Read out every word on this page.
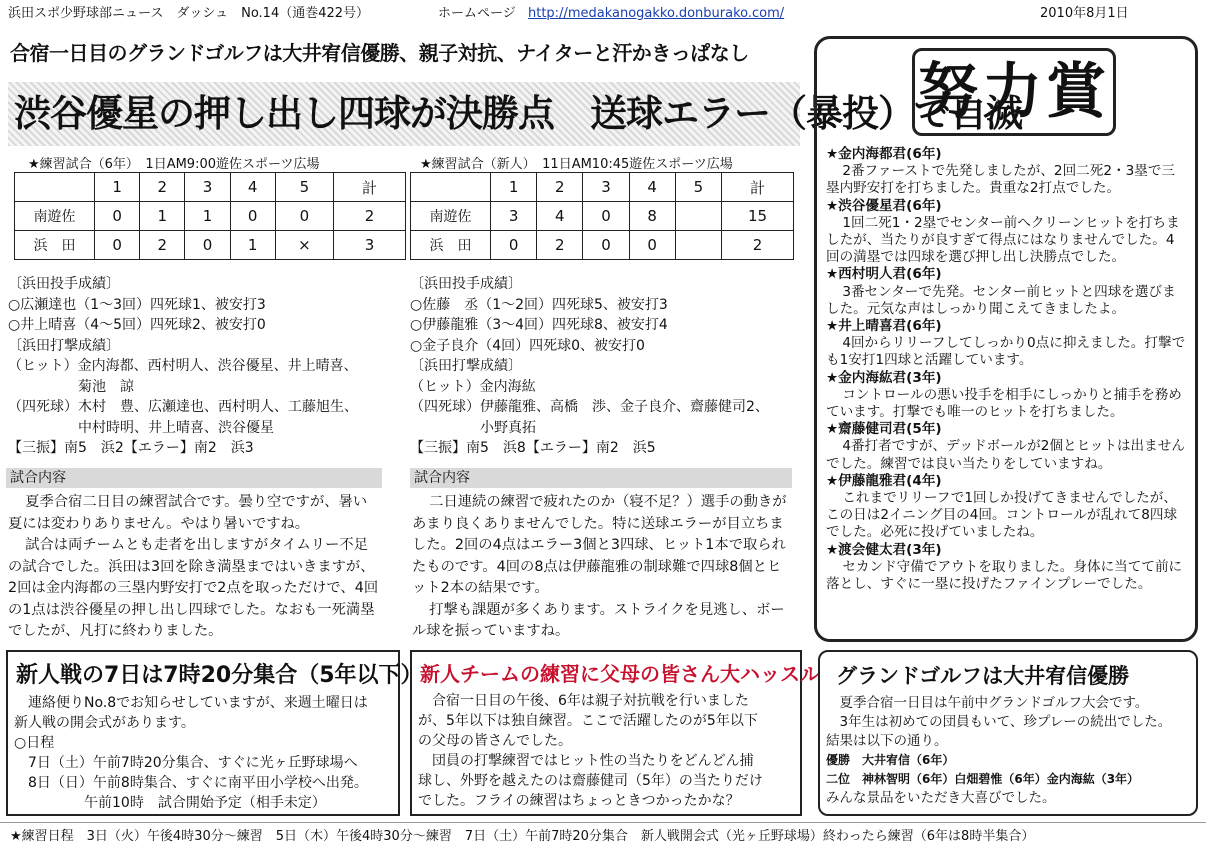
浜田スポ少野球部ニュース　ダッシュ　No.14（通巻422号）	ホームページ http://medakanogakko.donburako.com/	2010年8月1日
合宿一日目のグランドゴルフは大井宥信優勝、親子対抗、ナイターと汗かきっぱなし
渋谷優星の押し出し四球が決勝点　送球エラー（暴投）で自滅
★練習試合（6年）　1日AM9:00遊佐スポーツ広場
	1	2	3	4	5	計
南遊佐	0	1	1	0	0	2
浜　田	0	2	0	1	×	3

〔浜田投手成績〕

○広瀬達也（1～3回）四死球1、被安打3

○井上晴喜（4～5回）四死球2、被安打0

〔浜田打撃成績〕

（ヒット）金内海都、西村明人、渋谷優星、井上晴喜、

　　　　　菊池　諒

（四死球）木村　豊、広瀬達也、西村明人、工藤旭生、

　　　　　中村時明、井上晴喜、渋谷優星

【三振】南5　浜2【エラー】南2　浜3

試合内容

夏季合宿二日目の練習試合です。曇り空ですが、暑い夏には変わりありません。やはり暑いですね。

試合は両チームとも走者を出しますがタイムリー不足の試合でした。浜田は3回を除き満塁まではいきますが、2回は金内海都の三塁内野安打で2点を取っただけで、4回の1点は渋谷優星の押し出し四球でした。なおも一死満塁でしたが、凡打に終わりました。

★練習試合（新人）　11日AM10:45遊佐スポーツ広場
	1	2	3	4	5	計
南遊佐	3	4	0	8		15
浜　田	0	2	0	0		2

〔浜田投手成績〕

○佐藤　丞（1～2回）四死球5、被安打3

○伊藤龍雅（3～4回）四死球8、被安打4

○金子良介（4回）四死球0、被安打0

〔浜田打撃成績〕

（ヒット）金内海紘

（四死球）伊藤龍雅、高橋　渉、金子良介、齋藤健司2、

　　　　　小野真拓

【三振】南5　浜8【エラー】南2　浜5

試合内容

二日連続の練習で疲れたのか（寝不足？）選手の動きがあまり良くありませんでした。特に送球エラーが目立ちました。2回の4点はエラー3個と3四球、ヒット1本で取られたものです。4回の8点は伊藤龍雅の制球難で四球8個とヒット2本の結果です。

打撃も課題が多くあります。ストライクを見逃し、ボール球を振っていますね。

努力賞

★金内海都君(6年)

2番ファーストで先発しましたが、2回二死2・3塁で三塁内野安打を打ちました。貴重な2打点でした。

★渋谷優星君(6年)

1回二死1・2塁でセンター前へクリーンヒットを打ちましたが、当たりが良すぎて得点にはなりませんでした。4回の満塁では四球を選び押し出し決勝点でした。

★西村明人君(6年)

3番センターで先発。センター前ヒットと四球を選びました。元気な声はしっかり聞こえてきましたよ。

★井上晴喜君(6年)

4回からリリーフしてしっかり0点に抑えました。打撃でも1安打1四球と活躍しています。

★金内海紘君(3年)

コントロールの悪い投手を相手にしっかりと捕手を務めています。打撃でも唯一のヒットを打ちました。

★齋藤健司君(5年)

4番打者ですが、デッドボールが2個とヒットは出ませんでした。練習では良い当たりをしていますね。

★伊藤龍雅君(4年)

これまでリリーフで1回しか投げてきませんでしたが、この日は2イニング目の4回。コントロールが乱れて8四球でした。必死に投げていましたね。

★渡会健太君(3年)

セカンド守備でアウトを取りました。身体に当てて前に落とし、すぐに一塁に投げたファインプレーでした。

新人戦の7日は7時20分集合（5年以下）

　連絡便りNo.8でお知らせしていますが、来週土曜日は

新人戦の開会式があります。

○日程

　7日（土）午前7時20分集合、すぐに光ヶ丘野球場へ

　8日（日）午前8時集合、すぐに南平田小学校へ出発。

　　　　　午前10時　試合開始予定（相手未定）

新人チームの練習に父母の皆さん大ハッスル

　合宿一日目の午後、6年は親子対抗戦を行いました

が、5年以下は独自練習。ここで活躍したのが5年以下

の父母の皆さんでした。

　団員の打撃練習ではヒット性の当たりをどんどん捕

球し、外野を越えたのは齋藤健司（5年）の当たりだけ

でした。フライの練習はちょっときつかったかな？

グランドゴルフは大井宥信優勝

　夏季合宿一日目は午前中グランドゴルフ大会です。

　3年生は初めての団員もいて、珍プレーの続出でした。

結果は以下の通り。

優勝　大井宥信（6年）

二位　神林智明（6年）白畑碧惟（6年）金内海紘（3年）

みんな景品をいただき大喜びでした。

★練習日程　3日（火）午後4時30分～練習　5日（木）午後4時30分～練習　7日（土）午前7時20分集合　新人戦開会式（光ヶ丘野球場）終わったら練習（6年は8時半集合）
